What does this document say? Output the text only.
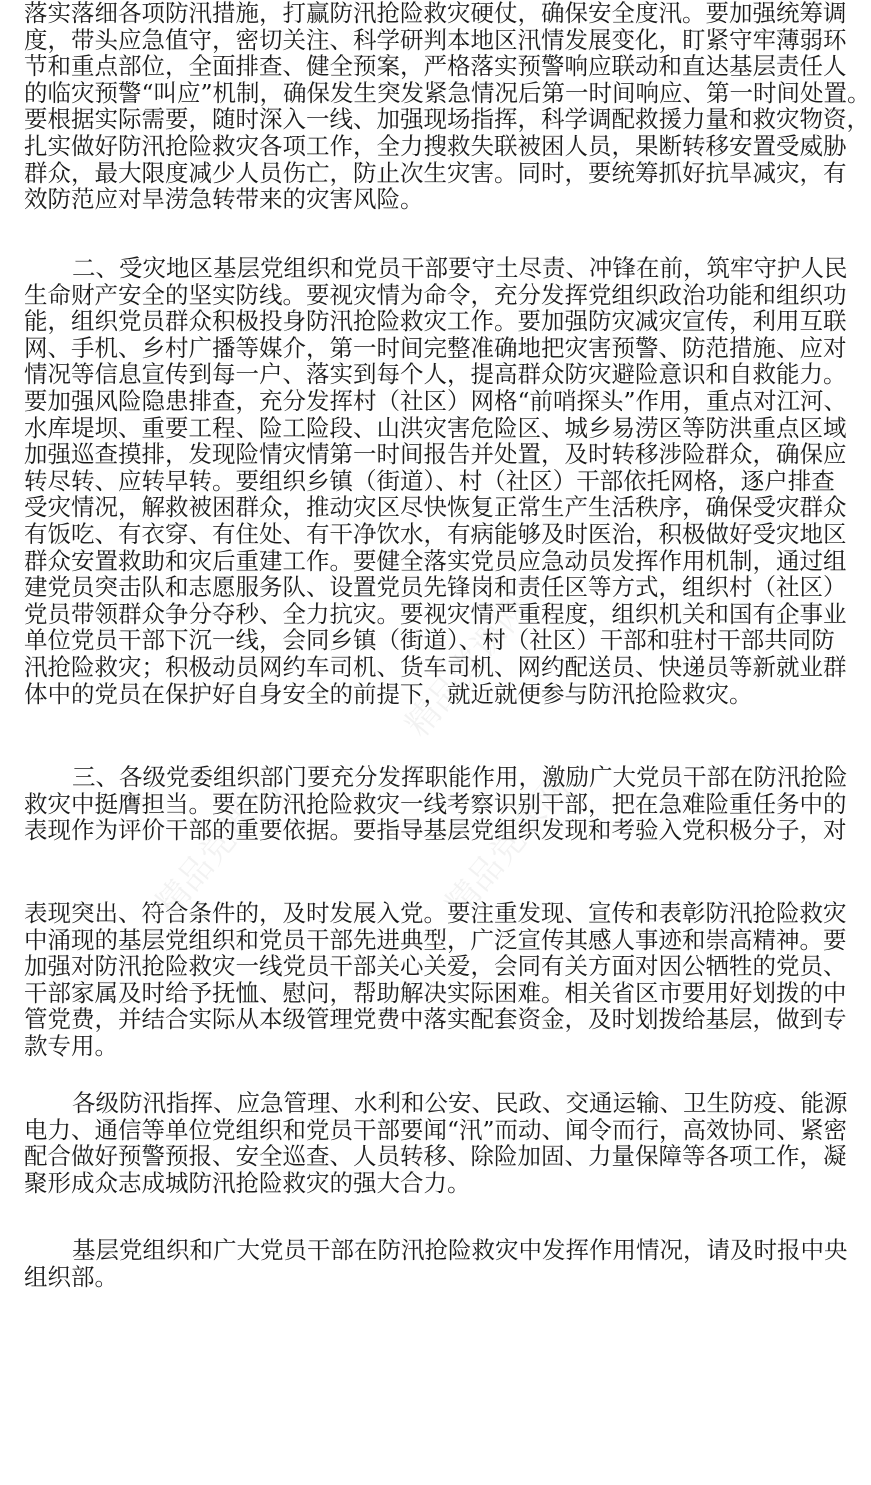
精品党课网
精品党课网	精品党课网
落实落细各项防汛措施，打赢防汛抢险救灾硬仗，确保安全度汛。要加强统筹调
度，带头应急值守，密切关注、科学研判本地区汛情发展变化，盯紧守牢薄弱环
节和重点部位，全面排查、健全预案，严格落实预警响应联动和直达基层责任人
的临灾预警“叫应”机制，确保发生突发紧急情况后第一时间响应、第一时间处置。
要根据实际需要，随时深入一线、加强现场指挥，科学调配救援力量和救灾物资，
扎实做好防汛抢险救灾各项工作，全力搜救失联被困人员，果断转移安置受威胁
群众，最大限度减少人员伤亡，防止次生灾害。同时，要统筹抓好抗旱减灾，有
效防范应对旱涝急转带来的灾害风险。
二、受灾地区基层党组织和党员干部要守土尽责、冲锋在前，筑牢守护人民
生命财产安全的坚实防线。要视灾情为命令，充分发挥党组织政治功能和组织功
能，组织党员群众积极投身防汛抢险救灾工作。要加强防灾减灾宣传，利用互联
网、手机、乡村广播等媒介，第一时间完整准确地把灾害预警、防范措施、应对
情况等信息宣传到每一户、落实到每个人，提高群众防灾避险意识和自救能力。
要加强风险隐患排查，充分发挥村（社区）网格“前哨探头”作用，重点对江河、
水库堤坝、重要工程、险工险段、山洪灾害危险区、城乡易涝区等防洪重点区域
加强巡查摸排，发现险情灾情第一时间报告并处置，及时转移涉险群众，确保应
转尽转、应转早转。要组织乡镇（街道）、村（社区）干部依托网格，逐户排查
受灾情况，解救被困群众，推动灾区尽快恢复正常生产生活秩序，确保受灾群众
有饭吃、有衣穿、有住处、有干净饮水，有病能够及时医治，积极做好受灾地区
群众安置救助和灾后重建工作。要健全落实党员应急动员发挥作用机制，通过组
建党员突击队和志愿服务队、设置党员先锋岗和责任区等方式，组织村（社区）
党员带领群众争分夺秒、全力抗灾。要视灾情严重程度，组织机关和国有企事业
单位党员干部下沉一线，会同乡镇（街道）、村（社区）干部和驻村干部共同防
汛抢险救灾；积极动员网约车司机、货车司机、网约配送员、快递员等新就业群
体中的党员在保护好自身安全的前提下，就近就便参与防汛抢险救灾。
三、各级党委组织部门要充分发挥职能作用，激励广大党员干部在防汛抢险
救灾中挺膺担当。要在防汛抢险救灾一线考察识别干部，把在急难险重任务中的
表现作为评价干部的重要依据。要指导基层党组织发现和考验入党积极分子，对
表现突出、符合条件的，及时发展入党。要注重发现、宣传和表彰防汛抢险救灾
中涌现的基层党组织和党员干部先进典型，广泛宣传其感人事迹和崇高精神。要
加强对防汛抢险救灾一线党员干部关心关爱，会同有关方面对因公牺牲的党员、
干部家属及时给予抚恤、慰问，帮助解决实际困难。相关省区市要用好划拨的中
管党费，并结合实际从本级管理党费中落实配套资金，及时划拨给基层，做到专
款专用。
各级防汛指挥、应急管理、水利和公安、民政、交通运输、卫生防疫、能源
电力、通信等单位党组织和党员干部要闻“汛”而动、闻令而行，高效协同、紧密
配合做好预警预报、安全巡查、人员转移、除险加固、力量保障等各项工作，凝
聚形成众志成城防汛抢险救灾的强大合力。
基层党组织和广大党员干部在防汛抢险救灾中发挥作用情况，请及时报中央
组织部。
